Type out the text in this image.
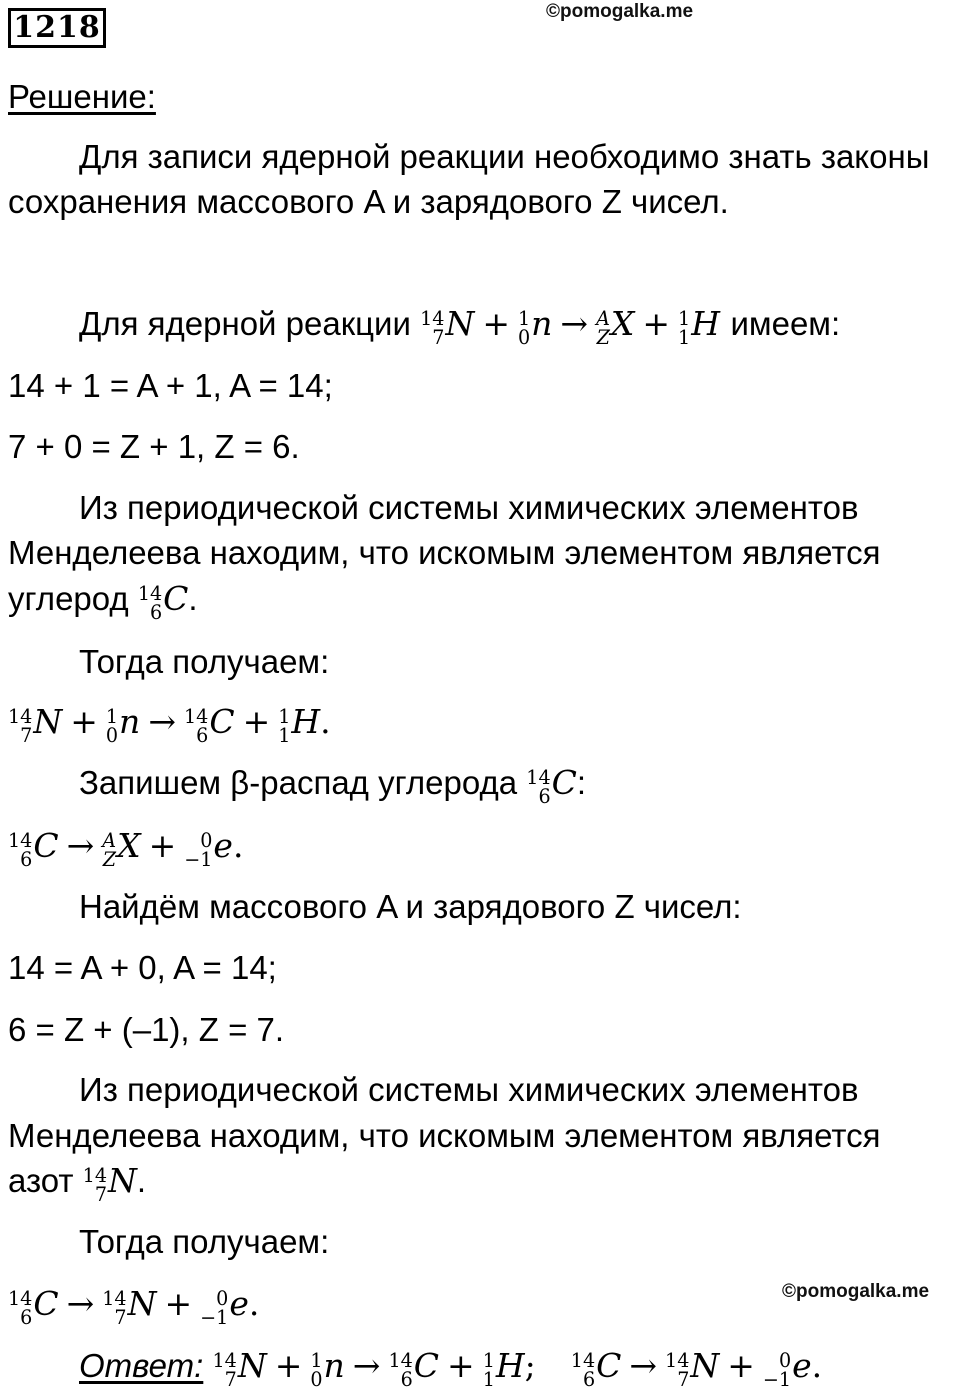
1218	©pomogalka.me
Решение:
Для записи ядерной реакции необходимо знать законы
сохранения массового A и зарядового Z чисел.
Для ядерной реакции 14
7 N + 1
0 n → A
Z X + 1
1 H имеем:
14 + 1 = A + 1, A = 14;
7 + 0 = Z + 1, Z = 6.
Из периодической системы химических элементов
Менделеева находим, что искомым элементом является
углерод 14
6 C.
Тогда получаем:
14
7 N + 1
0 n → 14
6 C + 1
1 H.
Запишем β-распад углерода 14
6 C:
14
6 C → A
Z X +	0
−1 e.
Найдём массового A и зарядового Z чисел:
14 = A + 0, A = 14;
6 = Z + (–1), Z = 7.
Из периодической системы химических элементов
Менделеева находим, что искомым элементом является
азот 14
7 N.
Тогда получаем:
14
6 C → 14
7 N +	0
−1 e.	©pomogalka.me
Ответ: 14
7 N + 1
0 n → 14
6 C + 1
1 H; 14
6 C → 14
7 N +	0
−1 e.
